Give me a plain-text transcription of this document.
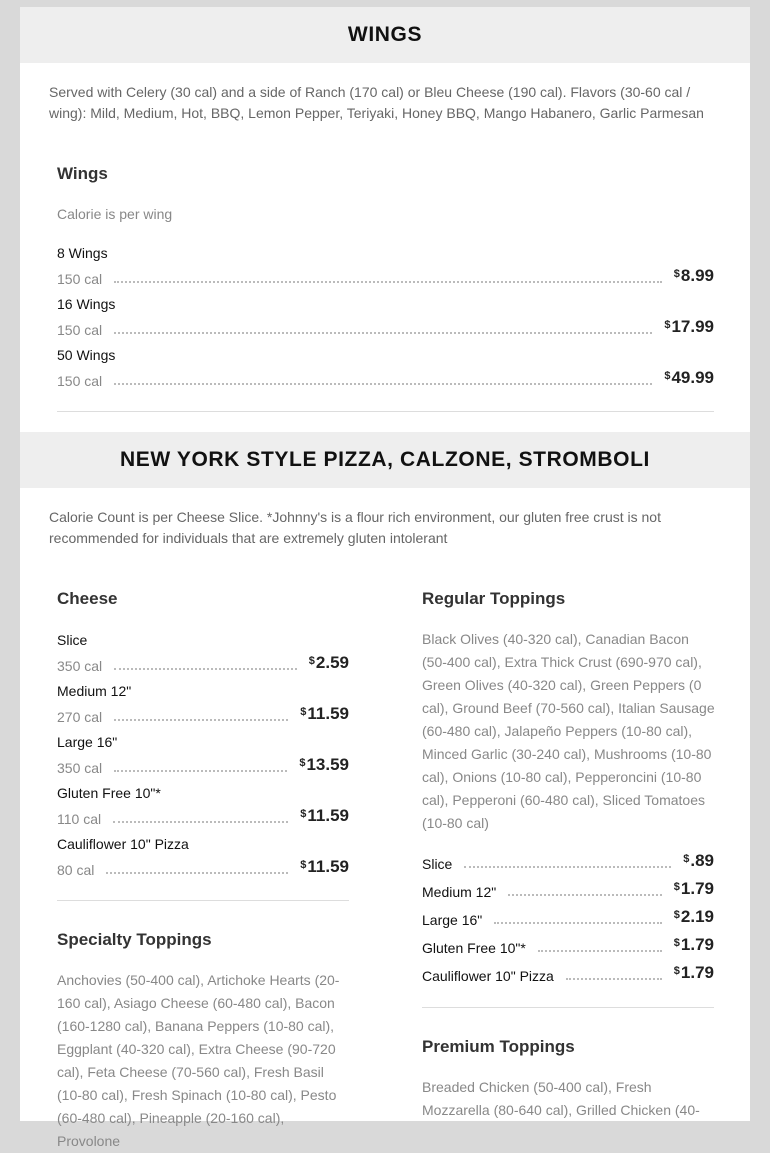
WINGS

Served with Celery (30 cal) and a side of Ranch (170 cal) or Bleu Cheese (190 cal). Flavors (30-60 cal / wing): Mild, Medium, Hot, BBQ, Lemon Pepper, Teriyaki, Honey BBQ, Mango Habanero, Garlic Parmesan

Wings

Calorie is per wing

8 Wings
150 cal	$8.99
16 Wings
150 cal	$17.99
50 Wings
150 cal	$49.99
NEW YORK STYLE PIZZA, CALZONE, STROMBOLI

Calorie Count is per Cheese Slice. *Johnny's is a flour rich environment, our gluten free crust is not recommended for individuals that are extremely gluten intolerant

Cheese
Slice
350 cal	$2.59
Medium 12"
270 cal	$11.59
Large 16"
350 cal	$13.59
Gluten Free 10"*
110 cal	$11.59
Cauliflower 10" Pizza
80 cal	$11.59
Specialty Toppings

Anchovies (50-400 cal), Artichoke Hearts (20-160 cal), Asiago Cheese (60-480 cal), Bacon (160-1280 cal), Banana Peppers (10-80 cal), Eggplant (40-320 cal), Extra Cheese (90-720 cal), Feta Cheese (70-560 cal), Fresh Basil (10-80 cal), Fresh Spinach (10-80 cal), Pesto (60-480 cal), Pineapple (20-160 cal), Provolone

Regular Toppings

Black Olives (40-320 cal), Canadian Bacon (50-400 cal), Extra Thick Crust (690-970 cal), Green Olives (40-320 cal), Green Peppers (0 cal), Ground Beef (70-560 cal), Italian Sausage (60-480 cal), Jalapeño Peppers (10-80 cal), Minced Garlic (30-240 cal), Mushrooms (10-80 cal), Onions (10-80 cal), Pepperoncini (10-80 cal), Pepperoni (60-480 cal), Sliced Tomatoes (10-80 cal)

Slice	$.89
Medium 12"	$1.79
Large 16"	$2.19
Gluten Free 10"*	$1.79
Cauliflower 10" Pizza	$1.79
Premium Toppings

Breaded Chicken (50-400 cal), Fresh Mozzarella (80-640 cal), Grilled Chicken (40-
